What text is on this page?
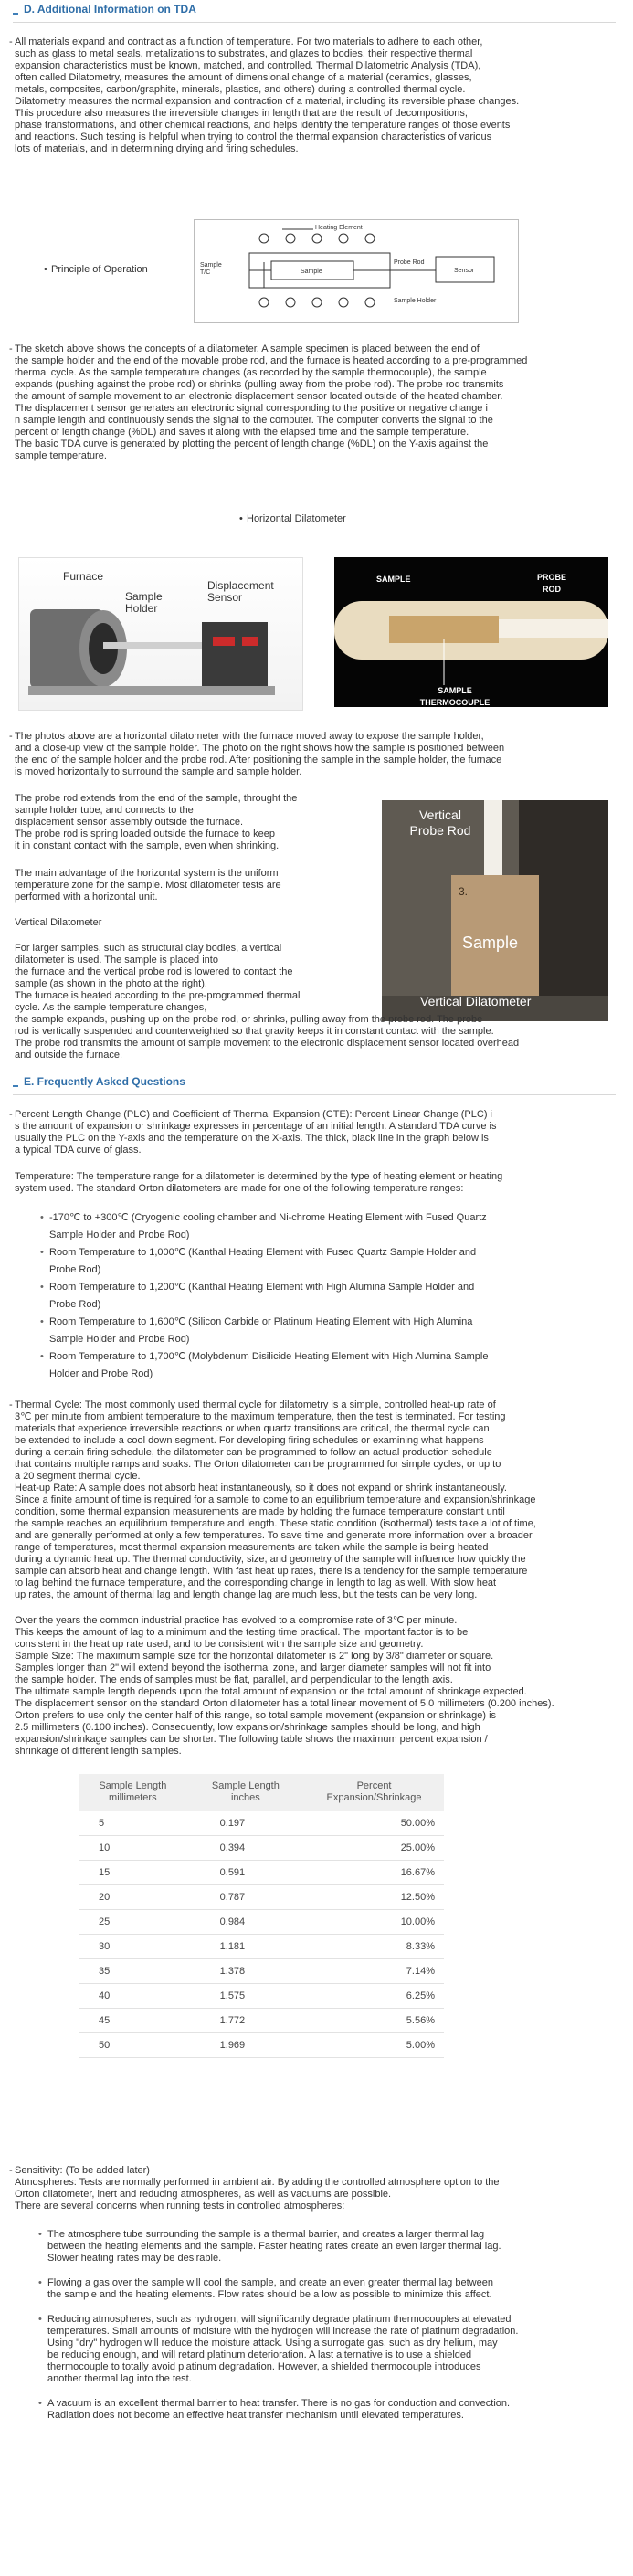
D. Additional Information on TDA
- All materials expand and contract as a function of temperature. For two materials to adhere to each other,

such as glass to metal seals, metalizations to substrates, and glazes to bodies, their respective thermal

expansion characteristics must be known, matched, and controlled. Thermal Dilatometric Analysis (TDA),

often called Dilatometry, measures the amount of dimensional change of a material (ceramics, glasses,

metals, composites, carbon/graphite, minerals, plastics, and others) during a controlled thermal cycle.

Dilatometry measures the normal expansion and contraction of a material, including its reversible phase changes.

This procedure also measures the irreversible changes in length that are the result of decompositions,

phase transformations, and other chemical reactions, and helps identify the temperature ranges of those events

and reactions. Such testing is helpful when trying to control the thermal expansion characteristics of various

lots of materials, and in determining drying and firing schedules.

• Principle of Operation
Heating Element
Probe Rod
Sensor
Sample T/C	Sample
Sample Holder
- The sketch above shows the concepts of a dilatometer. A sample specimen is placed between the end of

the sample holder and the end of the movable probe rod, and the furnace is heated according to a pre-programmed

thermal cycle. As the sample temperature changes (as recorded by the sample thermocouple), the sample

expands (pushing against the probe rod) or shrinks (pulling away from the probe rod). The probe rod transmits

the amount of sample movement to an electronic displacement sensor located outside of the heated chamber.

The displacement sensor generates an electronic signal corresponding to the positive or negative change i

n sample length and continuously sends the signal to the computer. The computer converts the signal to the

percent of length change (%DL) and saves it along with the elapsed time and the sample temperature.

The basic TDA curve is generated by plotting the percent of length change (%DL) on the Y-axis against the

sample temperature.

• Horizontal Dilatometer
Furnace
Sample Holder
Displacement Sensor
SAMPLE	PROBE ROD
SAMPLE THERMOCOUPLE
- The photos above are a horizontal dilatometer with the furnace moved away to expose the sample holder,

and a close-up view of the sample holder. The photo on the right shows how the sample is positioned between

the end of the sample holder and the probe rod. After positioning the sample in the sample holder, the furnace

is moved horizontally to surround the sample and sample holder.

The probe rod extends from the end of the sample, throught the

sample holder tube, and connects to the

displacement sensor assembly outside the furnace.

The probe rod is spring loaded outside the furnace to keep

it in constant contact with the sample, even when shrinking.

The main advantage of the horizontal system is the uniform

temperature zone for the sample. Most dilatometer tests are

performed with a horizontal unit.

Vertical Dilatometer

For larger samples, such as structural clay bodies, a vertical

dilatometer is used. The sample is placed into

the furnace and the vertical probe rod is lowered to contact the

sample (as shown in the photo at the right).

The furnace is heated according to the pre-programmed thermal

cycle. As the sample temperature changes,

Vertical Probe Rod
3.
Sample
Vertical Dilatometer

the sample expands, pushing up on the probe rod, or shrinks, pulling away from the probe rod. The probe

rod is vertically suspended and counterweighted so that gravity keeps it in constant contact with the sample.

The probe rod transmits the amount of sample movement to the electronic displacement sensor located overhead

and outside the furnace.

E. Frequently Asked Questions
- Percent Length Change (PLC) and Coefficient of Thermal Expansion (CTE): Percent Linear Change (PLC) i

s the amount of expansion or shrinkage expresses in percentage of an initial length. A standard TDA curve is

usually the PLC on the Y-axis and the temperature on the X-axis. The thick, black line in the graph below is

a typical TDA curve of glass.

Temperature: The temperature range for a dilatometer is determined by the type of heating element or heating

system used. The standard Orton dilatometers are made for one of the following temperature ranges:

• -170℃ to +300℃ (Cryogenic cooling chamber and Ni-chrome Heating Element with Fused Quartz
Sample Holder and Probe Rod)
• Room Temperature to 1,000℃ (Kanthal Heating Element with Fused Quartz Sample Holder and
Probe Rod)
• Room Temperature to 1,200℃ (Kanthal Heating Element with High Alumina Sample Holder and
Probe Rod)
• Room Temperature to 1,600℃ (Silicon Carbide or Platinum Heating Element with High Alumina
Sample Holder and Probe Rod)
• Room Temperature to 1,700℃ (Molybdenum Disilicide Heating Element with High Alumina Sample
Holder and Probe Rod)
- Thermal Cycle: The most commonly used thermal cycle for dilatometry is a simple, controlled heat-up rate of

3℃ per minute from ambient temperature to the maximum temperature, then the test is terminated. For testing

materials that experience irreversible reactions or when quartz transitions are critical, the thermal cycle can

be extended to include a cool down segment. For developing firing schedules or examining what happens

during a certain firing schedule, the dilatometer can be programmed to follow an actual production schedule

that contains multiple ramps and soaks. The Orton dilatometer can be programmed for simple cycles, or up to

a 20 segment thermal cycle.

Heat-up Rate: A sample does not absorb heat instantaneously, so it does not expand or shrink instantaneously.

Since a finite amount of time is required for a sample to come to an equilibrium temperature and expansion/shrinkage

condition, some thermal expansion measurements are made by holding the furnace temperature constant until

the sample reaches an equilibrium temperature and length. These static condition (isothermal) tests take a lot of time,

and are generally performed at only a few temperatures. To save time and generate more information over a broader

range of temperatures, most thermal expansion measurements are taken while the sample is being heated

during a dynamic heat up. The thermal conductivity, size, and geometry of the sample will influence how quickly the

sample can absorb heat and change length. With fast heat up rates, there is a tendency for the sample temperature

to lag behind the furnace temperature, and the corresponding change in length to lag as well. With slow heat

up rates, the amount of thermal lag and length change lag are much less, but the tests can be very long.

Over the years the common industrial practice has evolved to a compromise rate of 3℃ per minute.

This keeps the amount of lag to a minimum and the testing time practical. The important factor is to be

consistent in the heat up rate used, and to be consistent with the sample size and geometry.

Sample Size: The maximum sample size for the horizontal dilatometer is 2" long by 3/8" diameter or square.

Samples longer than 2" will extend beyond the isothermal zone, and larger diameter samples will not fit into

the sample holder. The ends of samples must be flat, parallel, and perpendicular to the length axis.

The ultimate sample length depends upon the total amount of expansion or the total amount of shrinkage expected.

The displacement sensor on the standard Orton dilatometer has a total linear movement of 5.0 millimeters (0.200 inches).

Orton prefers to use only the center half of this range, so total sample movement (expansion or shrinkage) is

2.5 millimeters (0.100 inches). Consequently, low expansion/shrinkage samples should be long, and high

expansion/shrinkage samples can be shorter. The following table shows the maximum percent expansion /

shrinkage of different length samples.

Sample Length
millimeters	Sample Length
inches	Percent
Expansion/Shrinkage
5	0.197	50.00%
10	0.394	25.00%
15	0.591	16.67%
20	0.787	12.50%
25	0.984	10.00%
30	1.181	8.33%
35	1.378	7.14%
40	1.575	6.25%
45	1.772	5.56%
50	1.969	5.00%
- Sensitivity: (To be added later)

Atmospheres: Tests are normally performed in ambient air. By adding the controlled atmosphere option to the

Orton dilatometer, inert and reducing atmospheres, as well as vacuums are possible.

There are several concerns when running tests in controlled atmospheres:

• The atmosphere tube surrounding the sample is a thermal barrier, and creates a larger thermal lag
between the heating elements and the sample. Faster heating rates create an even larger thermal lag.
Slower heating rates may be desirable.
• Flowing a gas over the sample will cool the sample, and create an even greater thermal lag between
the sample and the heating elements. Flow rates should be a low as possible to minimize this affect.
• Reducing atmospheres, such as hydrogen, will significantly degrade platinum thermocouples at elevated
temperatures. Small amounts of moisture with the hydrogen will increase the rate of platinum degradation.
Using "dry" hydrogen will reduce the moisture attack. Using a surrogate gas, such as dry helium, may
be reducing enough, and will retard platinum deterioration. A last alternative is to use a shielded
thermocouple to totally avoid platinum degradation. However, a shielded thermocouple introduces
another thermal lag into the test.
• A vacuum is an excellent thermal barrier to heat transfer. There is no gas for conduction and convection.
Radiation does not become an effective heat transfer mechanism until elevated temperatures.
